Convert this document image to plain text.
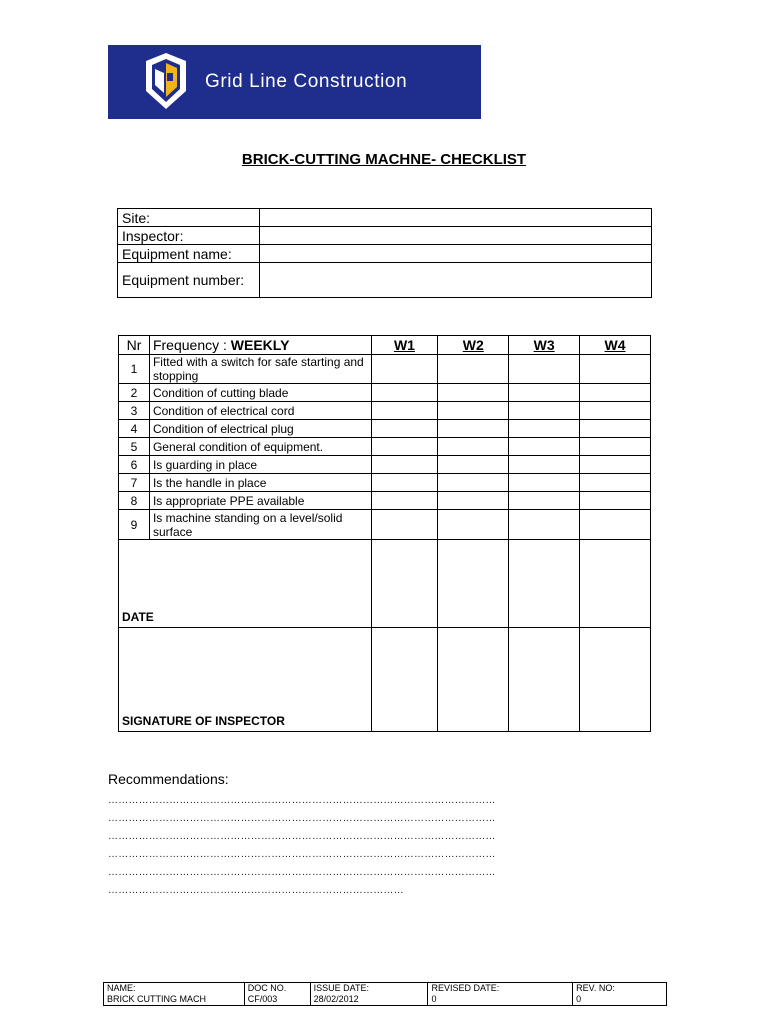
Grid Line Construction
BRICK-CUTTING MACHNE- CHECKLIST
Site:	
Inspector:	
Equipment name:	
Equipment number:	
Nr	Frequency : WEEKLY	W1	W2	W3	W4
1	Fitted with a switch for safe starting and stopping				
2	Condition of cutting blade				
3	Condition of electrical cord				
4	Condition of electrical plug				
5	General condition of equipment.				
6	Is guarding in place				
7	Is the handle in place				
8	Is appropriate PPE available				
9	Is machine standing on a level/solid surface				
DATE					
SIGNATURE OF INSPECTOR					
Recommendations:
……………………………………………………………………………………………………
……………………………………………………………………………………………………
……………………………………………………………………………………………………
……………………………………………………………………………………………………
……………………………………………………………………………………………………
……………………………………………………………………………
NAME:
BRICK CUTTING MACH

DOC NO.
CF/003

ISSUE DATE:
28/02/2012

REVISED DATE:
0

REV. NO:
0
